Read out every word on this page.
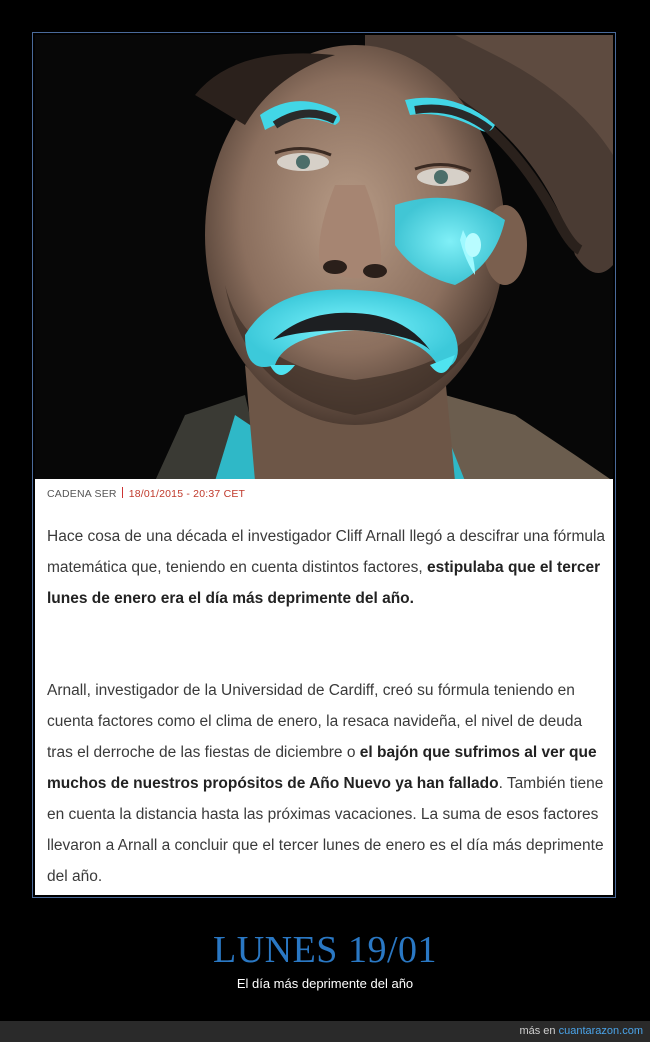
CADENA SER 18/01/2015 - 20:37 CET

Hace cosa de una década el investigador Cliff Arnall llegó a descifrar una fórmula matemática que, teniendo en cuenta distintos factores, estipulaba que el tercer lunes de enero era el día más deprimente del año.

Arnall, investigador de la Universidad de Cardiff, creó su fórmula teniendo en cuenta factores como el clima de enero, la resaca navideña, el nivel de deuda tras el derroche de las fiestas de diciembre o el bajón que sufrimos al ver que muchos de nuestros propósitos de Año Nuevo ya han fallado. También tiene en cuenta la distancia hasta las próximas vacaciones. La suma de esos factores llevaron a Arnall a concluir que el tercer lunes de enero es el día más deprimente del año.

LUNES 19/01
El día más deprimente del año
más en cuantarazon.com
